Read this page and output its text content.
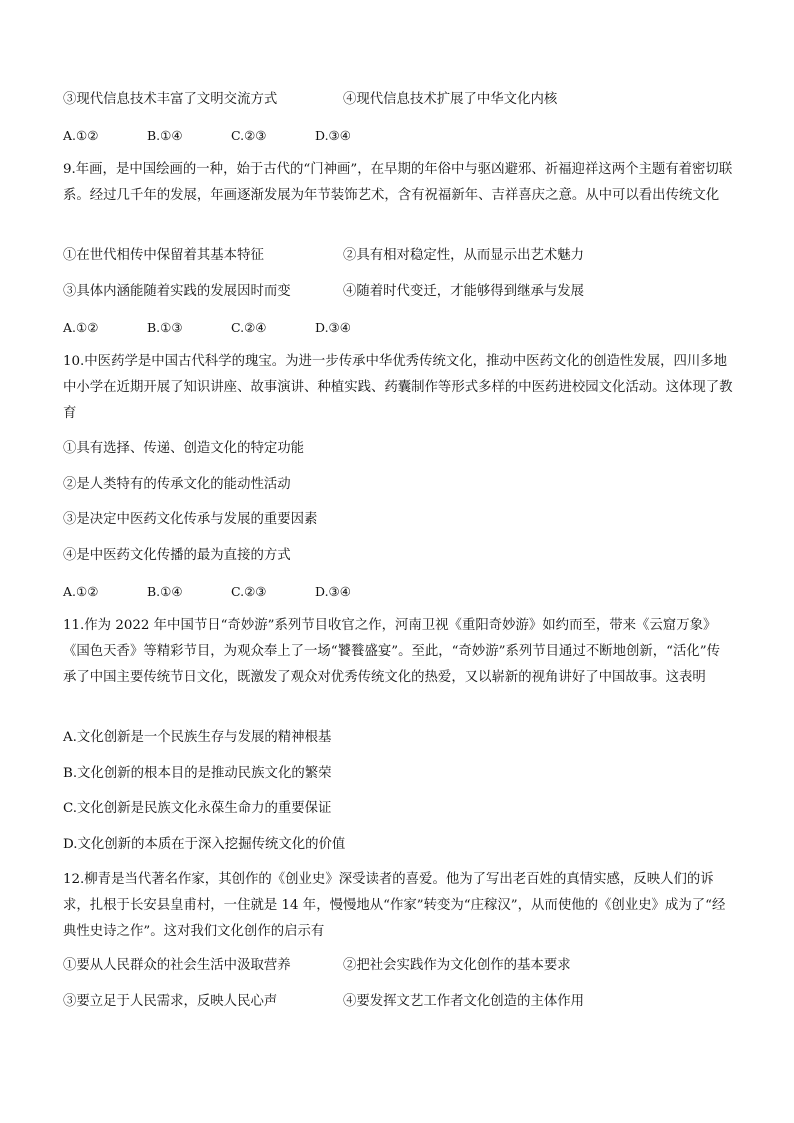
③现代信息技术丰富了文明交流方式	④现代信息技术扩展了中华文化内核
A.①②	B.①④	C.②③	D.③④
9.年画，是中国绘画的一种，始于古代的“门神画”，在早期的年俗中与驱凶避邪、祈福迎祥这两个主题有着密切联系。经过几千年的发展，年画逐渐发展为年节装饰艺术，含有祝福新年、吉祥喜庆之意。从中可以看出传统文化
①在世代相传中保留着其基本特征	②具有相对稳定性，从而显示出艺术魅力
③具体内涵能随着实践的发展因时而变	④随着时代变迁，才能够得到继承与发展
A.①②	B.①③	C.②④	D.③④
10.中医药学是中国古代科学的瑰宝。为进一步传承中华优秀传统文化，推动中医药文化的创造性发展，四川多地中小学在近期开展了知识讲座、故事演讲、种植实践、药囊制作等形式多样的中医药进校园文化活动。这体现了教育
①具有选择、传递、创造文化的特定功能
②是人类特有的传承文化的能动性活动
③是决定中医药文化传承与发展的重要因素
④是中医药文化传播的最为直接的方式
A.①②	B.①④	C.②③	D.③④
11.作为 2022 年中国节日“奇妙游”系列节目收官之作，河南卫视《重阳奇妙游》如约而至，带来《云窟万象》《国色天香》等精彩节目，为观众奉上了一场“饕餮盛宴”。至此，“奇妙游”系列节目通过不断地创新，“活化”传承了中国主要传统节日文化，既激发了观众对优秀传统文化的热爱，又以崭新的视角讲好了中国故事。这表明
A.文化创新是一个民族生存与发展的精神根基
B.文化创新的根本目的是推动民族文化的繁荣
C.文化创新是民族文化永葆生命力的重要保证
D.文化创新的本质在于深入挖掘传统文化的价值
12.柳青是当代著名作家，其创作的《创业史》深受读者的喜爱。他为了写出老百姓的真情实感，反映人们的诉求，扎根于长安县皇甫村，一住就是 14 年，慢慢地从“作家”转变为“庄稼汉”，从而使他的《创业史》成为了“经典性史诗之作”。这对我们文化创作的启示有
①要从人民群众的社会生活中汲取营养	②把社会实践作为文化创作的基本要求
③要立足于人民需求，反映人民心声	④要发挥文艺工作者文化创造的主体作用
